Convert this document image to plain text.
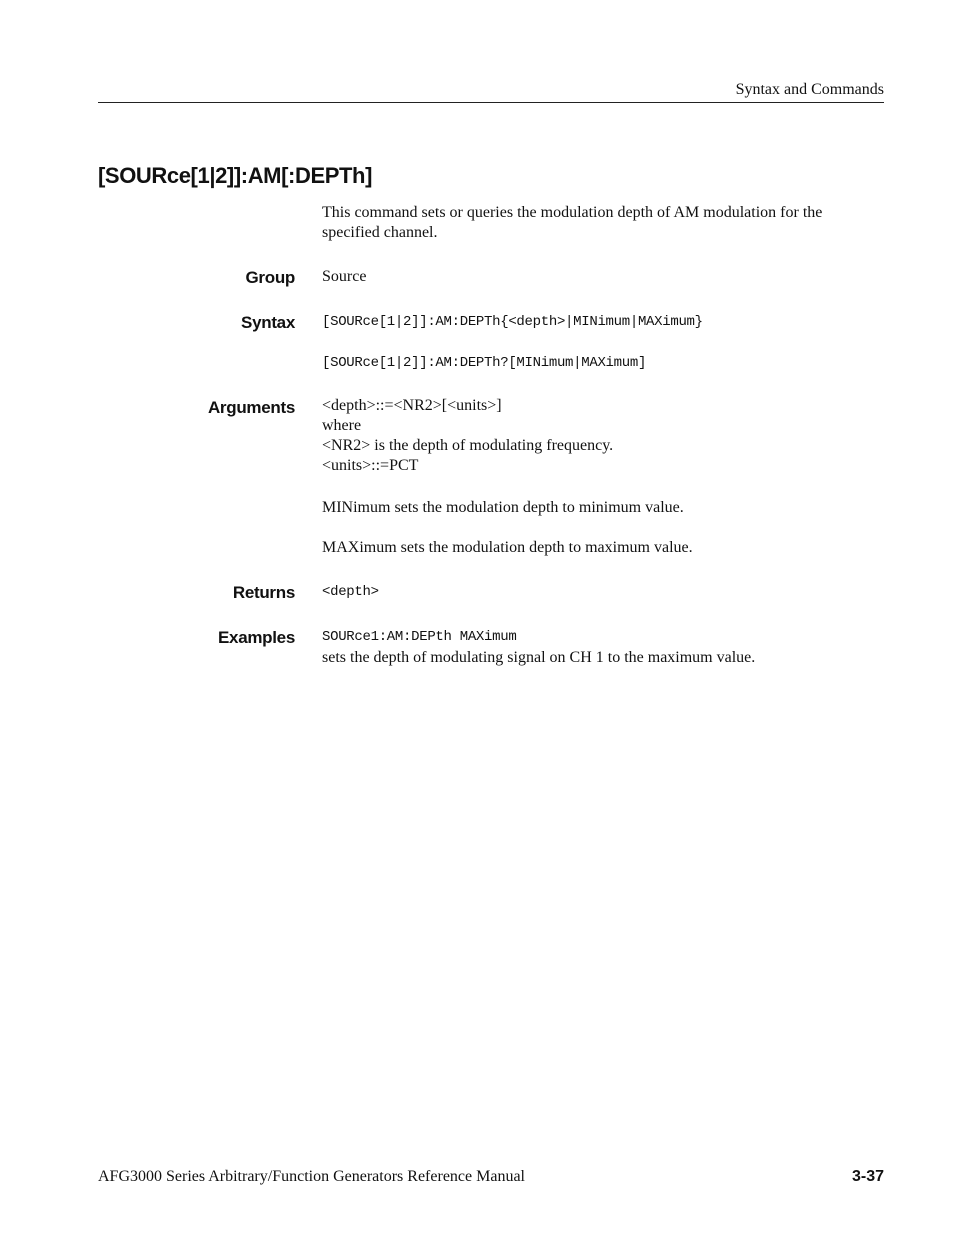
Syntax and Commands
[SOURce[1|2]]:AM[:DEPTh]
This command sets or queries the modulation depth of AM modulation for the specified channel.
Group Source
Syntax [SOURce[1|2]]:AM:DEPTh{<depth>|MINimum|MAXimum}
[SOURce[1|2]]:AM:DEPTh?[MINimum|MAXimum]
Arguments <depth>::=<NR2>[<units>]
where
<NR2> is the depth of modulating frequency.
<units>::=PCT
MINimum sets the modulation depth to minimum value.
MAXimum sets the modulation depth to maximum value.
Returns <depth>
Examples SOURce1:AM:DEPth MAXimum
sets the depth of modulating signal on CH 1 to the maximum value.
AFG3000 Series Arbitrary/Function Generators Reference Manual	3-37
